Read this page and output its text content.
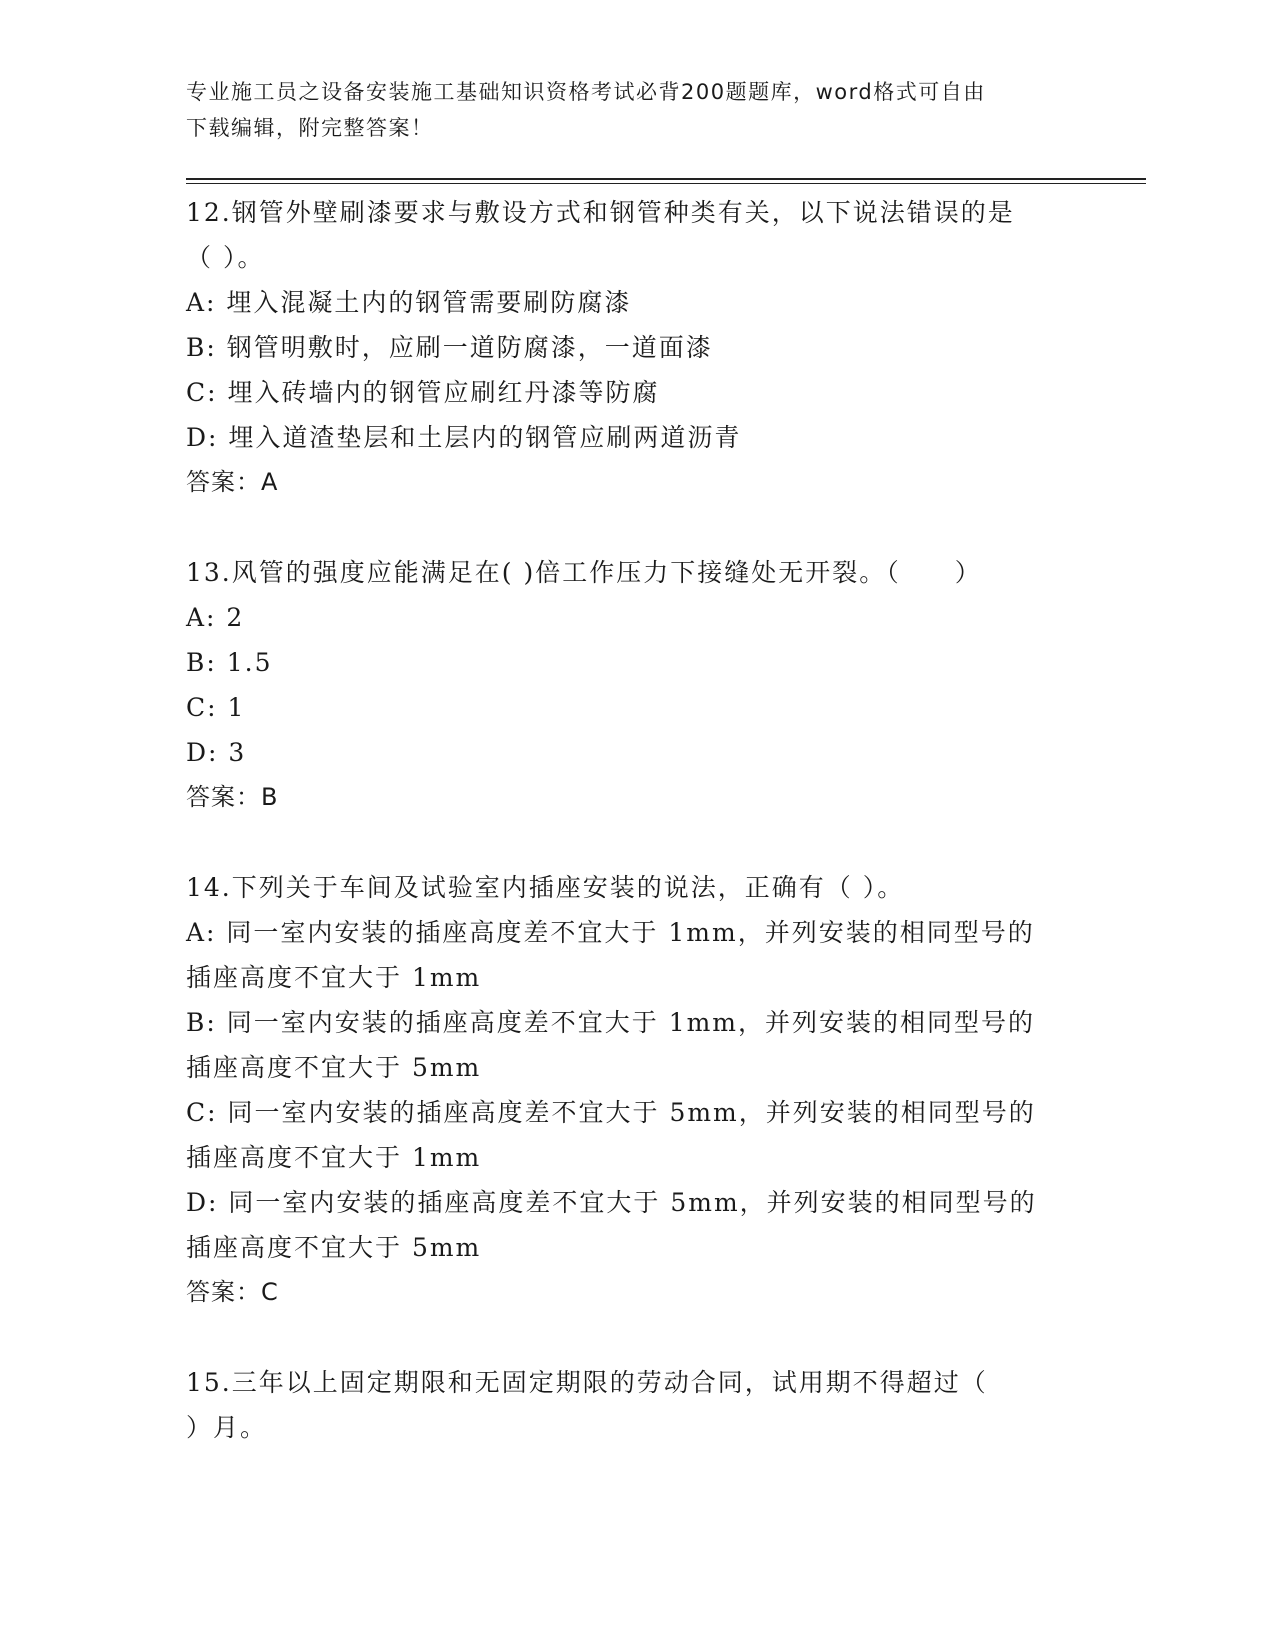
专业施工员之设备安装施工基础知识资格考试必背200题题库，word格式可自由
下载编辑，附完整答案！
12.钢管外壁刷漆要求与敷设方式和钢管种类有关，以下说法错误的是
（ ）。
A: 埋入混凝土内的钢管需要刷防腐漆
B: 钢管明敷时，应刷一道防腐漆，一道面漆
C: 埋入砖墙内的钢管应刷红丹漆等防腐
D: 埋入道渣垫层和土层内的钢管应刷两道沥青
答案：A
13.风管的强度应能满足在( )倍工作压力下接缝处无开裂。（　　）
A: 2
B: 1.5
C: 1
D: 3
答案：B
14.下列关于车间及试验室内插座安装的说法，正确有（ ）。
A: 同一室内安装的插座高度差不宜大于 1mm，并列安装的相同型号的
插座高度不宜大于 1mm
B: 同一室内安装的插座高度差不宜大于 1mm，并列安装的相同型号的
插座高度不宜大于 5mm
C: 同一室内安装的插座高度差不宜大于 5mm，并列安装的相同型号的
插座高度不宜大于 1mm
D: 同一室内安装的插座高度差不宜大于 5mm，并列安装的相同型号的
插座高度不宜大于 5mm
答案：C
15.三年以上固定期限和无固定期限的劳动合同，试用期不得超过（
）月。
